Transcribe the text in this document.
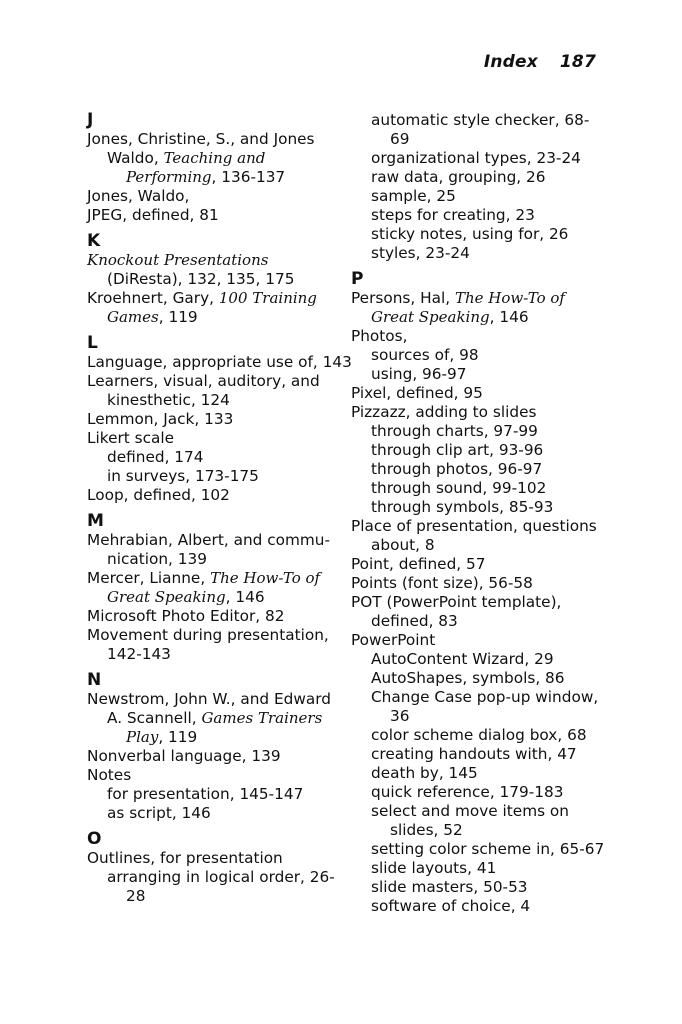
Index 187
J
Jones, Christine, S., and Jones
Waldo, Teaching and
Performing, 136-137
Jones, Waldo,
JPEG, defined, 81
K
Knockout Presentations
(DiResta), 132, 135, 175
Kroehnert, Gary, 100 Training
Games, 119
L
Language, appropriate use of, 143
Learners, visual, auditory, and
kinesthetic, 124
Lemmon, Jack, 133
Likert scale
defined, 174
in surveys, 173-175
Loop, defined, 102
M
Mehrabian, Albert, and commu-
nication, 139
Mercer, Lianne, The How-To of
Great Speaking, 146
Microsoft Photo Editor, 82
Movement during presentation,
142-143
N
Newstrom, John W., and Edward
A. Scannell, Games Trainers
Play, 119
Nonverbal language, 139
Notes
for presentation, 145-147
as script, 146
O
Outlines, for presentation
arranging in logical order, 26-
28
automatic style checker, 68-
69
organizational types, 23-24
raw data, grouping, 26
sample, 25
steps for creating, 23
sticky notes, using for, 26
styles, 23-24
P
Persons, Hal, The How-To of
Great Speaking, 146
Photos,
sources of, 98
using, 96-97
Pixel, defined, 95
Pizzazz, adding to slides
through charts, 97-99
through clip art, 93-96
through photos, 96-97
through sound, 99-102
through symbols, 85-93
Place of presentation, questions
about, 8
Point, defined, 57
Points (font size), 56-58
POT (PowerPoint template),
defined, 83
PowerPoint
AutoContent Wizard, 29
AutoShapes, symbols, 86
Change Case pop-up window,
36
color scheme dialog box, 68
creating handouts with, 47
death by, 145
quick reference, 179-183
select and move items on
slides, 52
setting color scheme in, 65-67
slide layouts, 41
slide masters, 50-53
software of choice, 4
